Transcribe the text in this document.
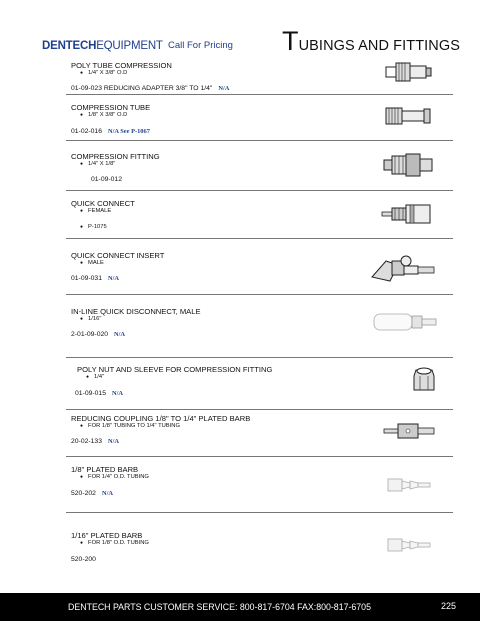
DENTECHEQUIPMENT Call For Pricing TUBINGS AND FITTINGS
POLY TUBE COMPRESSION
● 1/4" X 3/8" O.D
01-09-023 REDUCING ADAPTER 3/8" TO 1/4" N/A
COMPRESSION TUBE
● 1/8" X 3/8" O.D
01-02-016 N/A See P-1067
COMPRESSION FITTING
● 1/4" X 1/8"
01-09-012
QUICK CONNECT
● FEMALE
● P-1075
QUICK CONNECT INSERT
● MALE
01-09-031 N/A
IN-LINE QUICK DISCONNECT, MALE
● 1/16"
2-01-09-020 N/A
POLY NUT AND SLEEVE FOR COMPRESSION FITTING
● 1/4"
01-09-015 N/A
REDUCING COUPLING 1/8" TO 1/4" PLATED BARB
● FOR 1/8" TUBING TO 1/4" TUBING
20-02-133 N/A
1/8" PLATED BARB
● FOR 1/4" O.D. TUBING
520-202 N/A
1/16" PLATED BARB
● FOR 1/8" O.D. TUBING
520-200
DENTECH PARTS CUSTOMER SERVICE: 800-817-6704 FAX:800-817-6705	225
